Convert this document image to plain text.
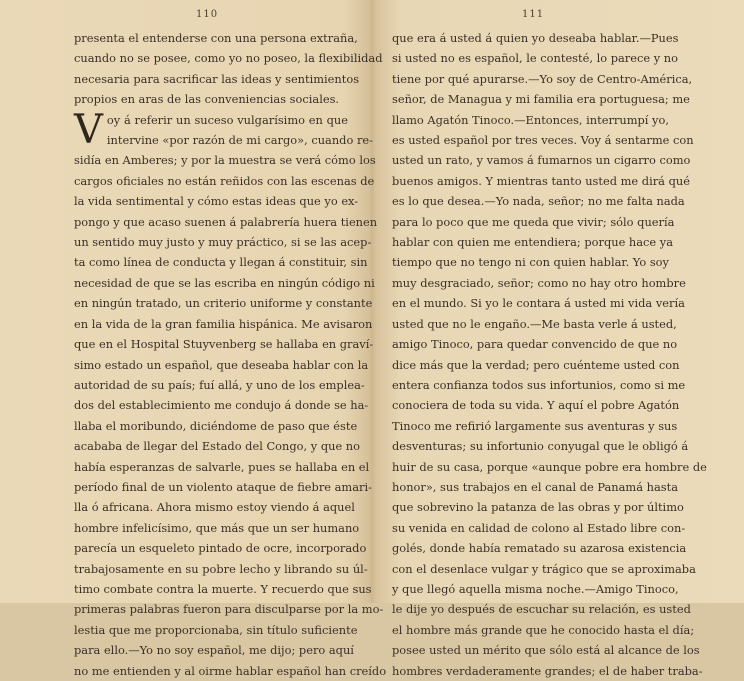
110
presenta el entenderse con una persona extraña,
cuando no se posee, como yo no poseo, la flexibilidad
necesaria para sacrificar las ideas y sentimientos
propios en aras de las conveniencias sociales.
V oy á referir un suceso vulgarísimo en que
intervine «por razón de mi cargo», cuando re-
sidía en Amberes; y por la muestra se verá cómo los
cargos oficiales no están reñidos con las escenas de
la vida sentimental y cómo estas ideas que yo ex-
pongo y que acaso suenen á palabrería huera tienen
un sentido muy justo y muy práctico, si se las acep-
ta como línea de conducta y llegan á constituir, sin
necesidad de que se las escriba en ningún código ni
en ningún tratado, un criterio uniforme y constante
en la vida de la gran familia hispánica. Me avisaron
que en el Hospital Stuyvenberg se hallaba en graví-
simo estado un español, que deseaba hablar con la
autoridad de su país; fuí allá, y uno de los emplea-
dos del establecimiento me condujo á donde se ha-
llaba el moribundo, diciéndome de paso que éste
acababa de llegar del Estado del Congo, y que no
había esperanzas de salvarle, pues se hallaba en el
período final de un violento ataque de fiebre amari-
lla ó africana. Ahora mismo estoy viendo á aquel
hombre infelicísimo, que más que un ser humano
parecía un esqueleto pintado de ocre, incorporado
trabajosamente en su pobre lecho y librando su úl-
timo combate contra la muerte. Y recuerdo que sus
primeras palabras fueron para disculparse por la mo-
lestia que me proporcionaba, sin título suficiente
para ello.—Yo no soy español, me dijo; pero aquí
no me entienden y al oirme hablar español han creído
111
que era á usted á quien yo deseaba hablar.—Pues
si usted no es español, le contesté, lo parece y no
tiene por qué apurarse.—Yo soy de Centro-América,
señor, de Managua y mi familia era portuguesa; me
llamo Agatón Tinoco.—Entonces, interrumpí yo,
es usted español por tres veces. Voy á sentarme con
usted un rato, y vamos á fumarnos un cigarro como
buenos amigos. Y mientras tanto usted me dirá qué
es lo que desea.—Yo nada, señor; no me falta nada
para lo poco que me queda que vivir; sólo quería
hablar con quien me entendiera; porque hace ya
tiempo que no tengo ni con quien hablar. Yo soy
muy desgraciado, señor; como no hay otro hombre
en el mundo. Si yo le contara á usted mi vida vería
usted que no le engaño.—Me basta verle á usted,
amigo Tinoco, para quedar convencido de que no
dice más que la verdad; pero cuénteme usted con
entera confianza todos sus infortunios, como si me
conociera de toda su vida. Y aquí el pobre Agatón
Tinoco me refirió largamente sus aventuras y sus
desventuras; su infortunio conyugal que le obligó á
huir de su casa, porque «aunque pobre era hombre de
honor», sus trabajos en el canal de Panamá hasta
que sobrevino la patanza de las obras y por último
su venida en calidad de colono al Estado libre con-
golés, donde había rematado su azarosa existencia
con el desenlace vulgar y trágico que se aproximaba
y que llegó aquella misma noche.—Amigo Tinoco,
le dije yo después de escuchar su relación, es usted
el hombre más grande que he conocido hasta el día;
posee usted un mérito que sólo está al alcance de los
hombres verdaderamente grandes; el de haber traba-
